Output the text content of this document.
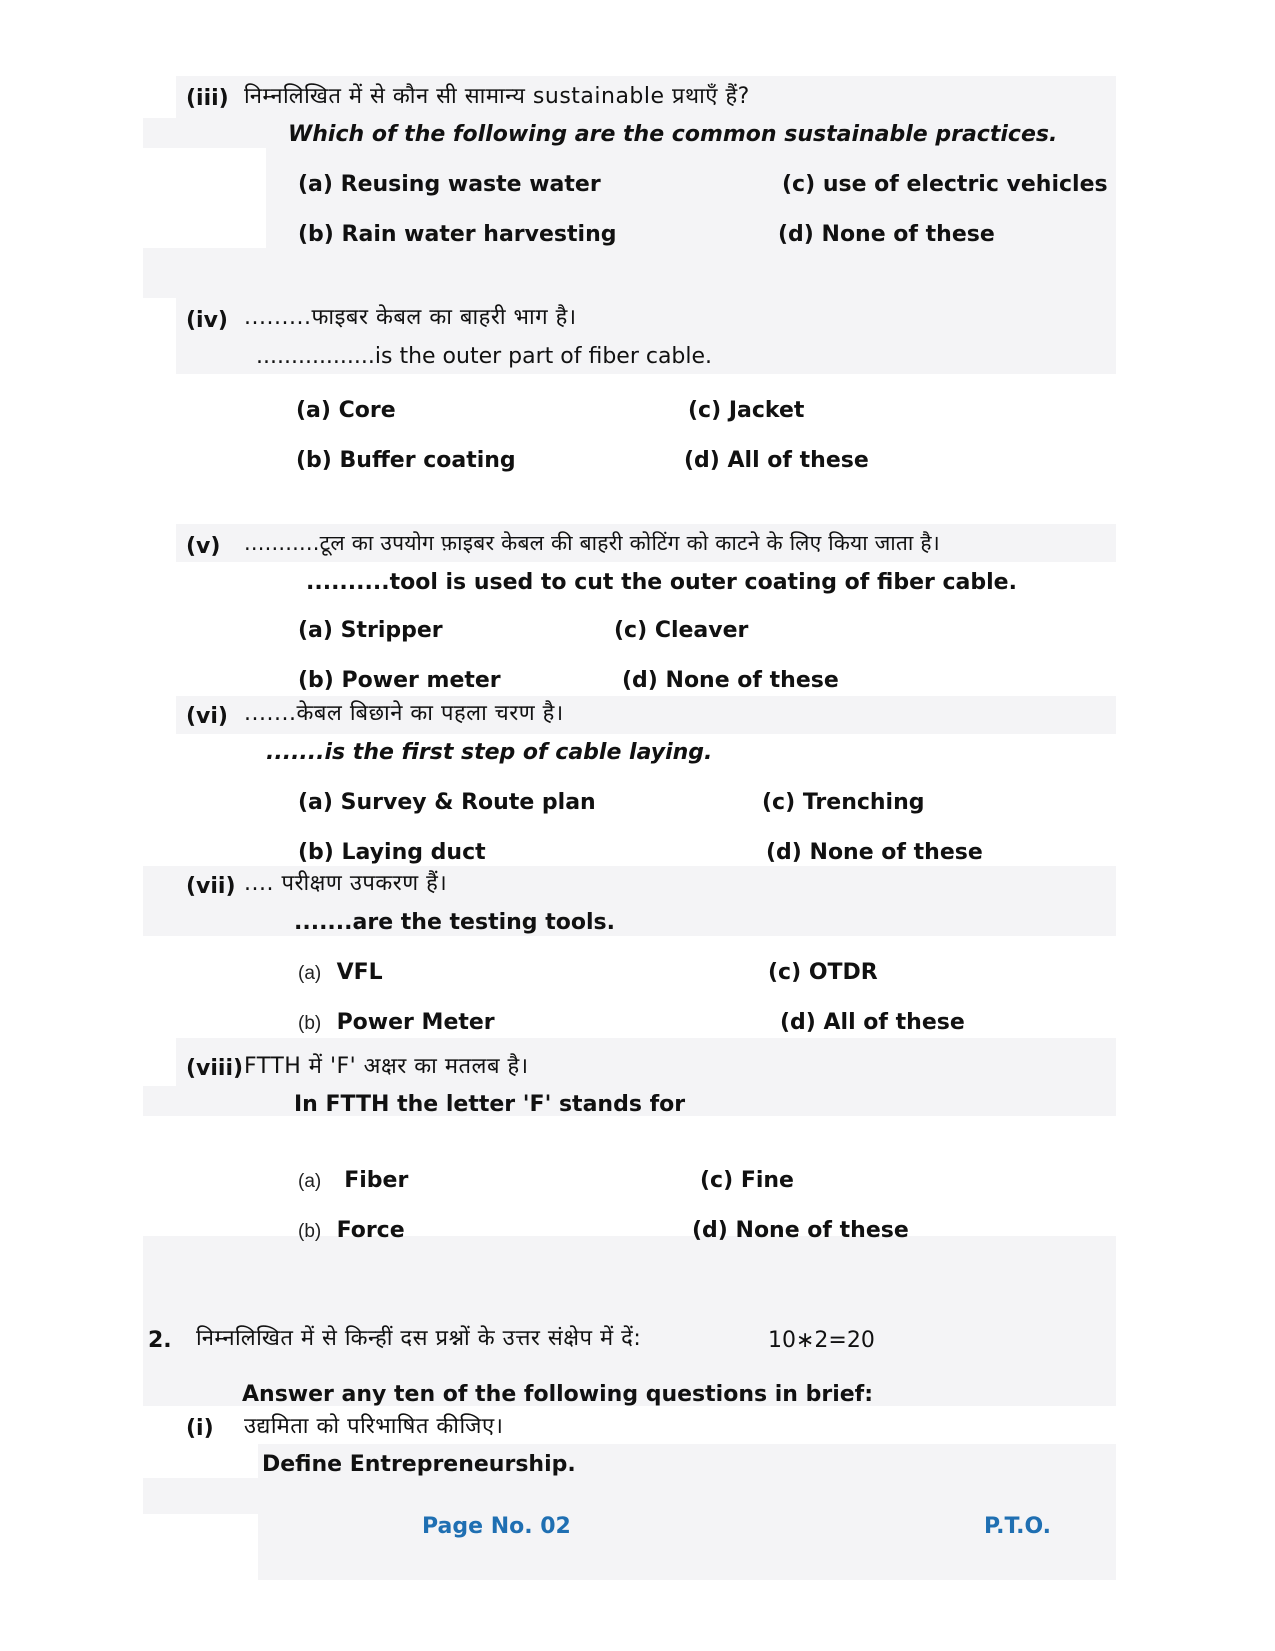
(iii) निम्नलिखित में से कौन सी सामान्य sustainable प्रथाएँ हैं?
Which of the following are the common sustainable practices.
(a) Reusing waste water	(c) use of electric vehicles
(b) Rain water harvesting	(d) None of these
(iv) .........फाइबर केबल का बाहरी भाग है।
.................is the outer part of fiber cable.
(a) Core	(c) Jacket
(b) Buffer coating	(d) All of these
(v) ...........टूल का उपयोग फ़ाइबर केबल की बाहरी कोटिंग को काटने के लिए किया जाता है।
..........tool is used to cut the outer coating of fiber cable.
(a) Stripper	(c) Cleaver
(b) Power meter	(d) None of these
(vi) .......केबल बिछाने का पहला चरण है।
.......is the first step of cable laying.
(a) Survey & Route plan	(c) Trenching
(b) Laying duct	(d) None of these
(vii) .... परीक्षण उपकरण हैं।
.......are the testing tools.
(a) VFL	(c) OTDR
(b) Power Meter	(d) All of these
(viii) FTTH में 'F' अक्षर का मतलब है।
In FTTH the letter 'F' stands for
(a) Fiber	(c) Fine
(b) Force	(d) None of these
2. निम्नलिखित में से किन्हीं दस प्रश्नों के उत्तर संक्षेप में दें:	10∗2=20
Answer any ten of the following questions in brief:
(i) उद्यमिता को परिभाषित कीजिए।
Define Entrepreneurship.
Page No. 02	P.T.O.
